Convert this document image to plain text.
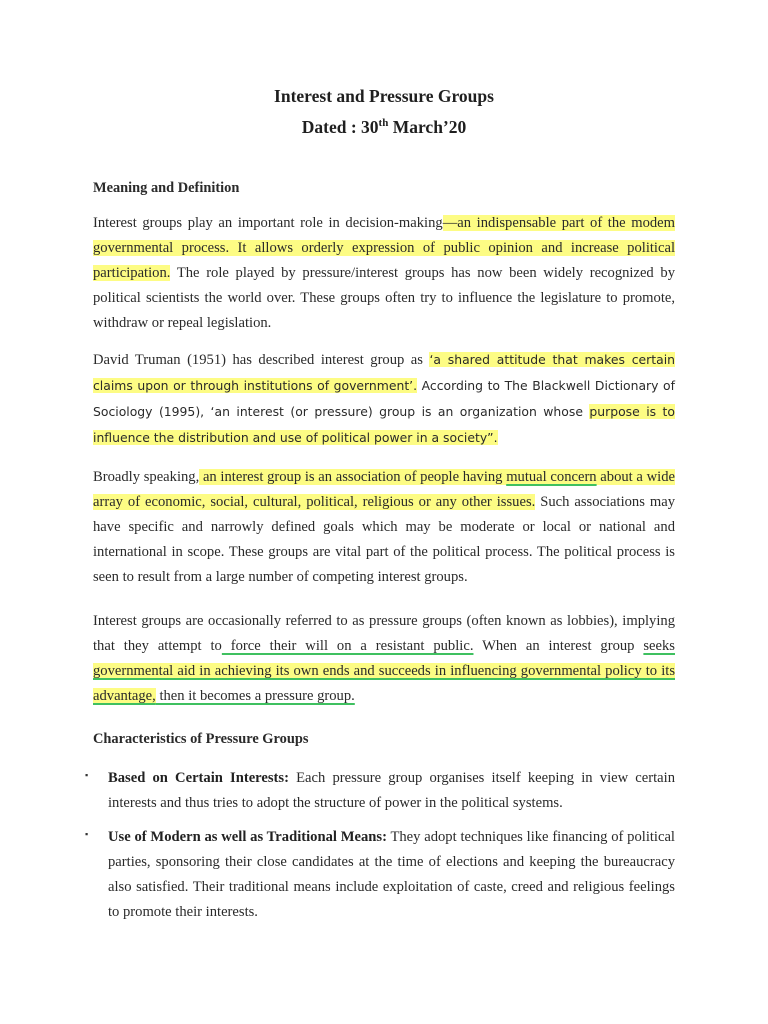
Interest and Pressure Groups
Dated : 30th March’20
Meaning and Definition

Interest groups play an important role in decision-making—an indispensable part of the modem governmental process. It allows orderly expression of public opinion and increase political participation. The role played by pressure/interest groups has now been widely recognized by political scientists the world over. These groups often try to influence the legislature to promote, withdraw or repeal legislation.

David Truman (1951) has described interest group as ‘a shared attitude that makes certain claims upon or through institutions of government’. According to The Blackwell Dictionary of Sociology (1995), ‘an interest (or pressure) group is an organization whose purpose is to influence the distribution and use of political power in a society”.

Broadly speaking, an interest group is an association of people having mutual concern about a wide array of economic, social, cultural, political, religious or any other issues. Such associations may have specific and narrowly defined goals which may be moderate or local or national and international in scope. These groups are vital part of the political process. The political process is seen to result from a large number of competing interest groups.

Interest groups are occasionally referred to as pressure groups (often known as lobbies), implying that they attempt to force their will on a resistant public. When an interest group seeks governmental aid in achieving its own ends and succeeds in influencing governmental policy to its advantage, then it becomes a pressure group.

Characteristics of Pressure Groups
▪ Based on Certain Interests: Each pressure group organises itself keeping in view certain interests and thus tries to adopt the structure of power in the political systems.

▪ Use of Modern as well as Traditional Means: They adopt techniques like financing of political parties, sponsoring their close candidates at the time of elections and keeping the bureaucracy also satisfied. Their traditional means include exploitation of caste, creed and religious feelings to promote their interests.
